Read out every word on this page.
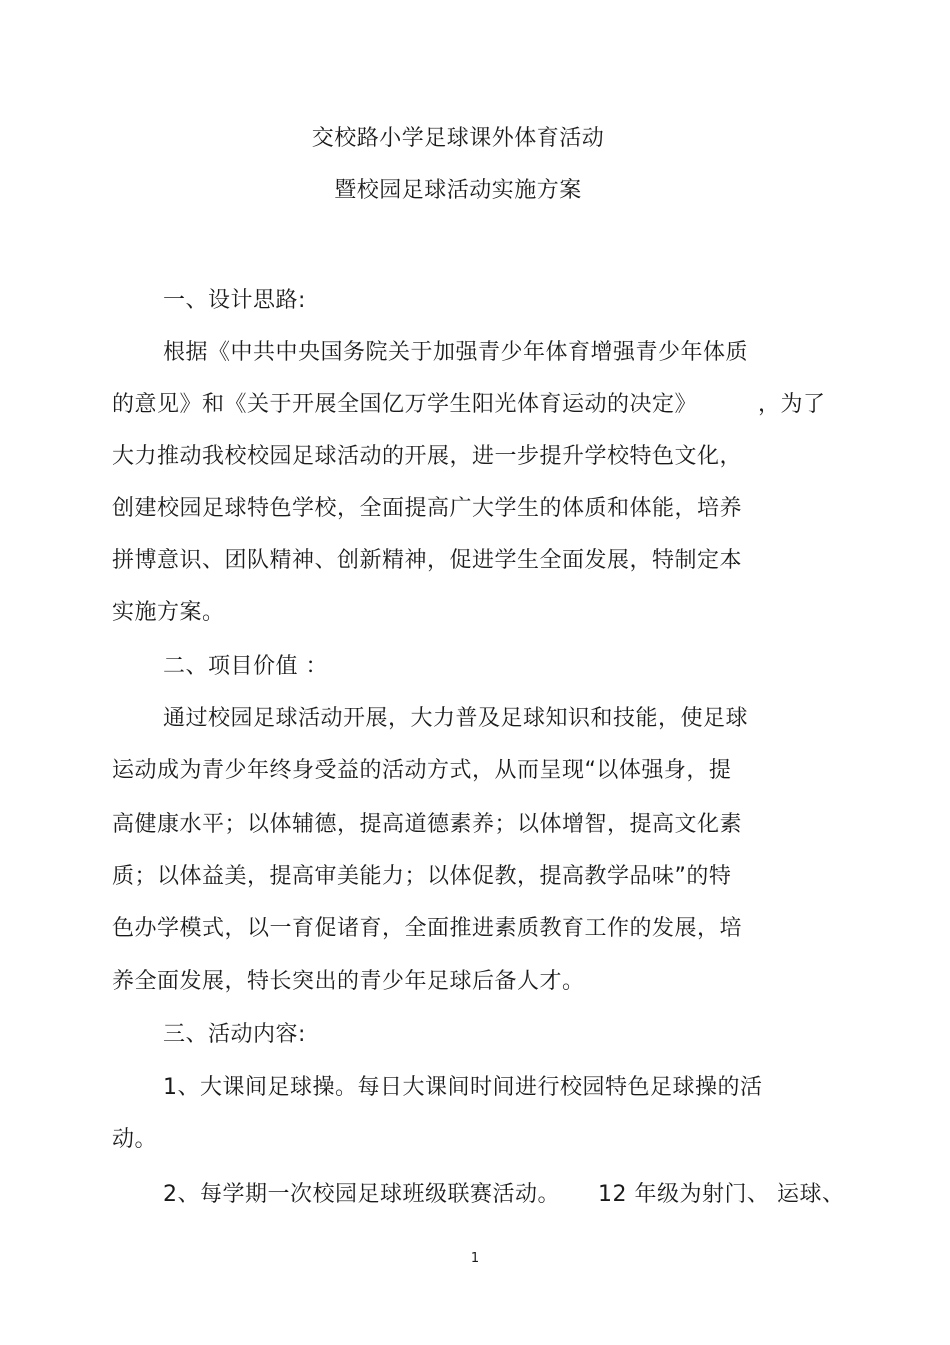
交校路小学足球课外体育活动
暨校园足球活动实施方案
一、设计思路:
根据《中共中央国务院关于加强青少年体育增强青少年体质
的意见》和《关于开展全国亿万学生阳光体育运动的决定》	，为了
大力推动我校校园足球活动的开展，进一步提升学校特色文化，
创建校园足球特色学校，全面提高广大学生的体质和体能，培养
拼博意识、团队精神、创新精神，促进学生全面发展，特制定本
实施方案。
二、项目价值 ：
通过校园足球活动开展，大力普及足球知识和技能，使足球
运动成为青少年终身受益的活动方式，从而呈现“以体强身，提
高健康水平；以体辅德，提高道德素养；以体增智，提高文化素
质；以体益美，提高审美能力；以体促教，提高教学品味”的特
色办学模式，以一育促诸育，全面推进素质教育工作的发展，培
养全面发展，特长突出的青少年足球后备人才。
三、活动内容:
1、大课间足球操。每日大课间时间进行校园特色足球操的活
动。
2、每学期一次校园足球班级联赛活动。 12 年级为射门、 运球、
1
